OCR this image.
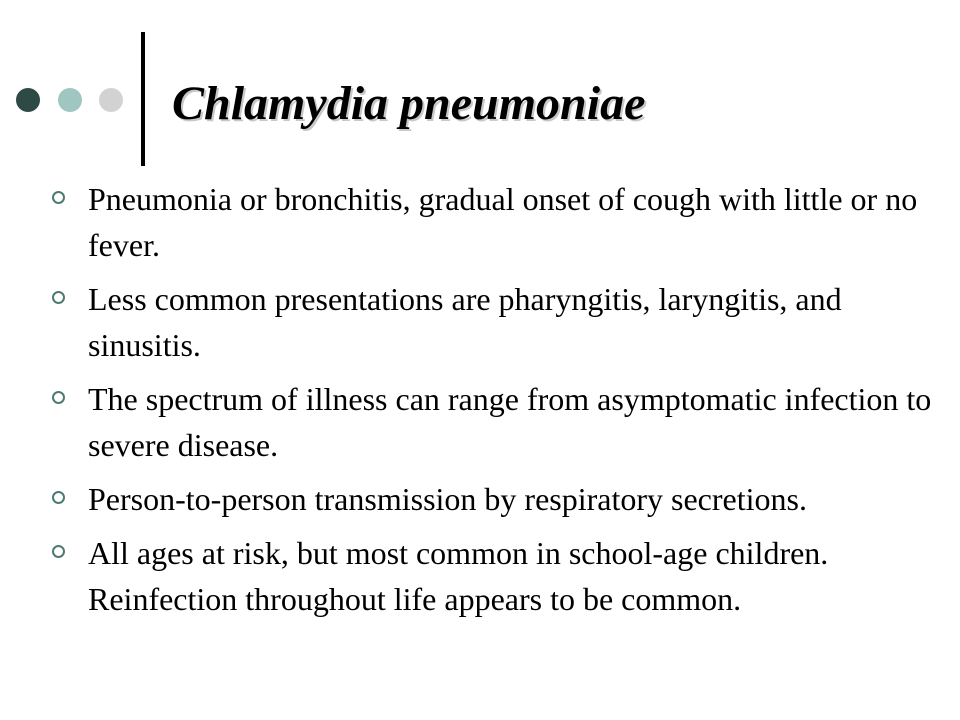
Chlamydia pneumoniae
Pneumonia or bronchitis, gradual onset of cough with little or no fever.
Less common presentations are pharyngitis, laryngitis, and sinusitis.
The spectrum of illness can range from asymptomatic infection to severe disease.
Person-to-person transmission by respiratory secretions.
All ages at risk, but most common in school-age children. Reinfection throughout life appears to be common.
